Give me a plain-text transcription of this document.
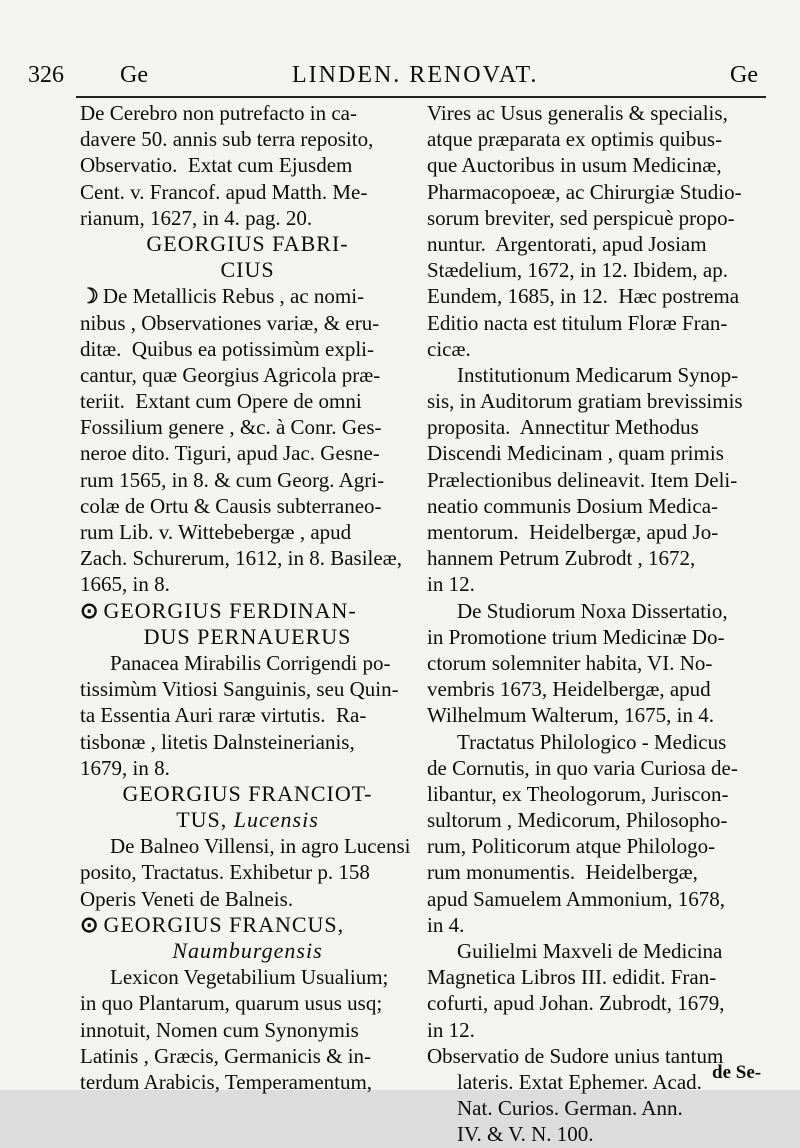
326 Ge	LINDEN. RENOVAT.	Ge
De Cerebro non putrefacto in ca-
davere 50. annis sub terra reposito,
Observatio.  Extat cum Ejusdem
Cent. v. Francof. apud Matth. Me-
rianum, 1627, in 4. pag. 20.
GEORGIUS FABRI-
CIUS
☽ De Metallicis Rebus , ac nomi-
nibus , Observationes variæ, & eru-
ditæ.  Quibus ea potissimùm expli-
cantur, quæ Georgius Agricola præ-
teriit.  Extant cum Opere de omni
Fossilium genere , &c. à Conr. Ges-
neroe dito. Tiguri, apud Jac. Gesne-
rum 1565, in 8. & cum Georg. Agri-
colæ de Ortu & Causis subterraneo-
rum Lib. v. Wittebebergæ , apud
Zach. Schurerum, 1612, in 8. Basileæ,
1665, in 8.
⊙ GEORGIUS FERDINAN-
DUS PERNAUERUS
Panacea Mirabilis Corrigendi po-
tissimùm Vitiosi Sanguinis, seu Quin-
ta Essentia Auri raræ virtutis.  Ra-
tisbonæ , litetis Dalnsteinerianis,
1679, in 8.
GEORGIUS FRANCIOT-
TUS, Lucensis
De Balneo Villensi, in agro Lucensi
posito, Tractatus. Exhibetur p. 158
Operis Veneti de Balneis.
⊙ GEORGIUS FRANCUS,
Naumburgensis
Lexicon Vegetabilium Usualium;
in quo Plantarum, quarum usus usq;
innotuit, Nomen cum Synonymis
Latinis , Græcis, Germanicis & in-
terdum Arabicis, Temperamentum,
Vires ac Usus generalis & specialis,
atque præparata ex optimis quibus-
que Auctoribus in usum Medicinæ,
Pharmacopoeæ, ac Chirurgiæ Studio-
sorum breviter, sed perspicuè propo-
nuntur.  Argentorati, apud Josiam
Stædelium, 1672, in 12. Ibidem, ap.
Eundem, 1685, in 12.  Hæc postrema
Editio nacta est titulum Floræ Fran-
cicæ.
Institutionum Medicarum Synop-
sis, in Auditorum gratiam brevissimis
proposita.  Annectitur Methodus
Discendi Medicinam , quam primis
Prælectionibus delineavit. Item Deli-
neatio communis Dosium Medica-
mentorum.  Heidelbergæ, apud Jo-
hannem Petrum Zubrodt , 1672,
in 12.
De Studiorum Noxa Dissertatio,
in Promotione trium Medicinæ Do-
ctorum solemniter habita, VI. No-
vembris 1673, Heidelbergæ, apud
Wilhelmum Walterum, 1675, in 4.
Tractatus Philologico - Medicus
de Cornutis, in quo varia Curiosa de-
libantur, ex Theologorum, Juriscon-
sultorum , Medicorum, Philosopho-
rum, Politicorum atque Philologo-
rum monumentis.  Heidelbergæ,
apud Samuelem Ammonium, 1678,
in 4.
Guilielmi Maxveli de Medicina
Magnetica Libros III. edidit. Fran-
cofurti, apud Johan. Zubrodt, 1679,
in 12.
Observatio de Sudore unius tantum
lateris. Extat Ephemer. Acad.
Nat. Curios. German. Ann.
IV. & V. N. 100.
de Se-
